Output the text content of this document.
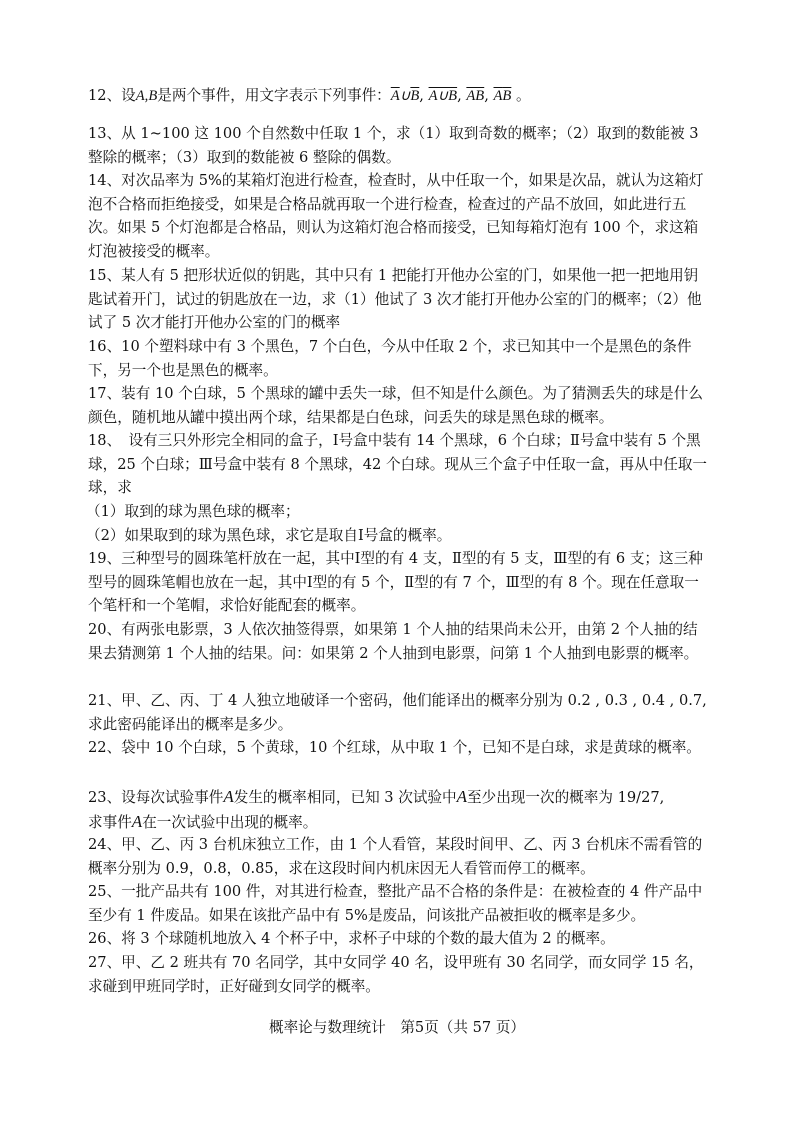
12、设A,B是两个事件，用文字表示下列事件：$\overline{A}\cup\overline{B}$, A∪B, $\overline{AB}$, $\overline{A}\overline{B}$ 。
13、从 1~100 这 100 个自然数中任取 1 个，求（1）取到奇数的概率；（2）取到的数能被 3 整除的概率；（3）取到的数能被 6 整除的偶数。
14、对次品率为 5%的某箱灯泡进行检查，检查时，从中任取一个，如果是次品，就认为这箱灯泡不合格而拒绝接受，如果是合格品就再取一个进行检查，检查过的产品不放回，如此进行五次。如果 5 个灯泡都是合格品，则认为这箱灯泡合格而接受，已知每箱灯泡有 100 个，求这箱灯泡被接受的概率。
15、某人有 5 把形状近似的钥匙，其中只有 1 把能打开他办公室的门，如果他一把一把地用钥匙试着开门，试过的钥匙放在一边，求（1）他试了 3 次才能打开他办公室的门的概率；（2）他试了 5 次才能打开他办公室的门的概率
16、10 个塑料球中有 3 个黑色，7 个白色，今从中任取 2 个，求已知其中一个是黑色的条件下，另一个也是黑色的概率。
17、装有 10 个白球，5 个黑球的罐中丢失一球，但不知是什么颜色。为了猜测丢失的球是什么颜色，随机地从罐中摸出两个球，结果都是白色球，问丢失的球是黑色球的概率。
18、　设有三只外形完全相同的盒子，Ⅰ号盒中装有 14 个黑球，6 个白球；Ⅱ号盒中装有 5 个黑球，25 个白球；Ⅲ号盒中装有 8 个黑球，42 个白球。现从三个盒子中任取一盒，再从中任取一球，求
（1）取到的球为黑色球的概率；
（2）如果取到的球为黑色球，求它是取自Ⅰ号盒的概率。
19、三种型号的圆珠笔杆放在一起，其中Ⅰ型的有 4 支，Ⅱ型的有 5 支，Ⅲ型的有 6 支；这三种型号的圆珠笔帽也放在一起，其中Ⅰ型的有 5 个，Ⅱ型的有 7 个，Ⅲ型的有 8 个。现在任意取一个笔杆和一个笔帽，求恰好能配套的概率。
20、有两张电影票，3 人依次抽签得票，如果第 1 个人抽的结果尚未公开，由第 2 个人抽的结果去猜测第 1 个人抽的结果。问：如果第 2 个人抽到电影票，问第 1 个人抽到电影票的概率。
21、甲、乙、丙、丁 4 人独立地破译一个密码，他们能译出的概率分别为 0.2 , 0.3 , 0.4 , 0.7, 求此密码能译出的概率是多少。
22、袋中 10 个白球，5 个黄球，10 个红球，从中取 1 个，已知不是白球，求是黄球的概率。
23、设每次试验事件A发生的概率相同，已知 3 次试验中A至少出现一次的概率为 19/27,
求事件A在一次试验中出现的概率。
24、甲、乙、丙 3 台机床独立工作，由 1 个人看管，某段时间甲、乙、丙 3 台机床不需看管的概率分别为 0.9，0.8，0.85，求在这段时间内机床因无人看管而停工的概率。
25、一批产品共有 100 件，对其进行检查，整批产品不合格的条件是：在被检查的 4 件产品中至少有 1 件废品。如果在该批产品中有 5%是废品，问该批产品被拒收的概率是多少。
26、将 3 个球随机地放入 4 个杯子中，求杯子中球的个数的最大值为 2 的概率。
27、甲、乙 2 班共有 70 名同学，其中女同学 40 名，设甲班有 30 名同学，而女同学 15 名，求碰到甲班同学时，正好碰到女同学的概率。
概率论与数理统计　第5页（共 57 页）
